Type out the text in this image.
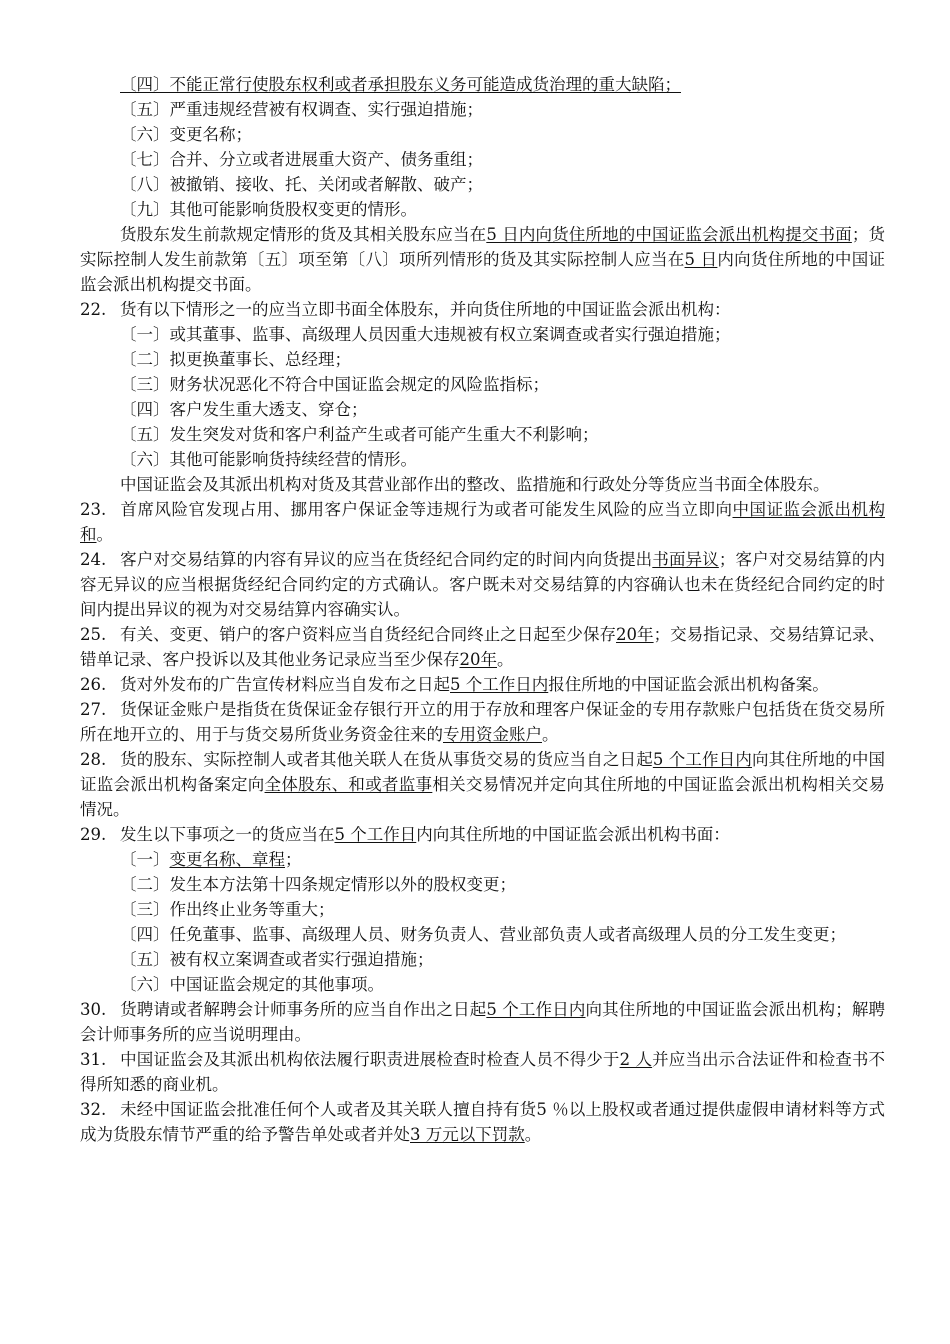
〔四〕不能正常行使股东权利或者承担股东义务可能造成货治理的重大缺陷；

〔五〕严重违规经营被有权调查、实行强迫措施；

〔六〕变更名称；

〔七〕合并、分立或者进展重大资产、债务重组；

〔八〕被撤销、接收、托、关闭或者解散、破产；

〔九〕其他可能影响货股权变更的情形。

货股东发生前款规定情形的货及其相关股东应当在5 日内向货住所地的中国证监会派出机构提交书面；货实际控制人发生前款第〔五〕项至第〔八〕项所列情形的货及其实际控制人应当在5 日内向货住所地的中国证监会派出机构提交书面。

22. 货有以下情形之一的应当立即书面全体股东，并向货住所地的中国证监会派出机构：

〔一〕或其董事、监事、高级理人员因重大违规被有权立案调查或者实行强迫措施；

〔二〕拟更换董事长、总经理；

〔三〕财务状况恶化不符合中国证监会规定的风险监指标；

〔四〕客户发生重大透支、穿仓；

〔五〕发生突发对货和客户利益产生或者可能产生重大不利影响；

〔六〕其他可能影响货持续经营的情形。

中国证监会及其派出机构对货及其营业部作出的整改、监措施和行政处分等货应当书面全体股东。

23. 首席风险官发现占用、挪用客户保证金等违规行为或者可能发生风险的应当立即向中国证监会派出机构和。

24. 客户对交易结算的内容有异议的应当在货经纪合同约定的时间内向货提出书面异议；客户对交易结算的内容无异议的应当根据货经纪合同约定的方式确认。客户既未对交易结算的内容确认也未在货经纪合同约定的时间内提出异议的视为对交易结算内容确实认。

25. 有关、变更、销户的客户资料应当自货经纪合同终止之日起至少保存20年；交易指记录、交易结算记录、错单记录、客户投诉以及其他业务记录应当至少保存20年。

26. 货对外发布的广告宣传材料应当自发布之日起5 个工作日内报住所地的中国证监会派出机构备案。

27. 货保证金账户是指货在货保证金存银行开立的用于存放和理客户保证金的专用存款账户包括货在货交易所所在地开立的、用于与货交易所货业务资金往来的专用资金账户。

28. 货的股东、实际控制人或者其他关联人在货从事货交易的货应当自之日起5 个工作日内向其住所地的中国证监会派出机构备案定向全体股东、和或者监事相关交易情况并定向其住所地的中国证监会派出机构相关交易情况。

29. 发生以下事项之一的货应当在5 个工作日内向其住所地的中国证监会派出机构书面：

〔一〕变更名称、章程；

〔二〕发生本方法第十四条规定情形以外的股权变更；

〔三〕作出终止业务等重大；

〔四〕任免董事、监事、高级理人员、财务负责人、营业部负责人或者高级理人员的分工发生变更；

〔五〕被有权立案调查或者实行强迫措施；

〔六〕中国证监会规定的其他事项。

30. 货聘请或者解聘会计师事务所的应当自作出之日起5 个工作日内向其住所地的中国证监会派出机构；解聘会计师事务所的应当说明理由。

31. 中国证监会及其派出机构依法履行职责进展检查时检查人员不得少于2 人并应当出示合法证件和检查书不得所知悉的商业机。

32. 未经中国证监会批准任何个人或者及其关联人擅自持有货5 ％以上股权或者通过提供虚假申请材料等方式成为货股东情节严重的给予警告单处或者并处3 万元以下罚款。
